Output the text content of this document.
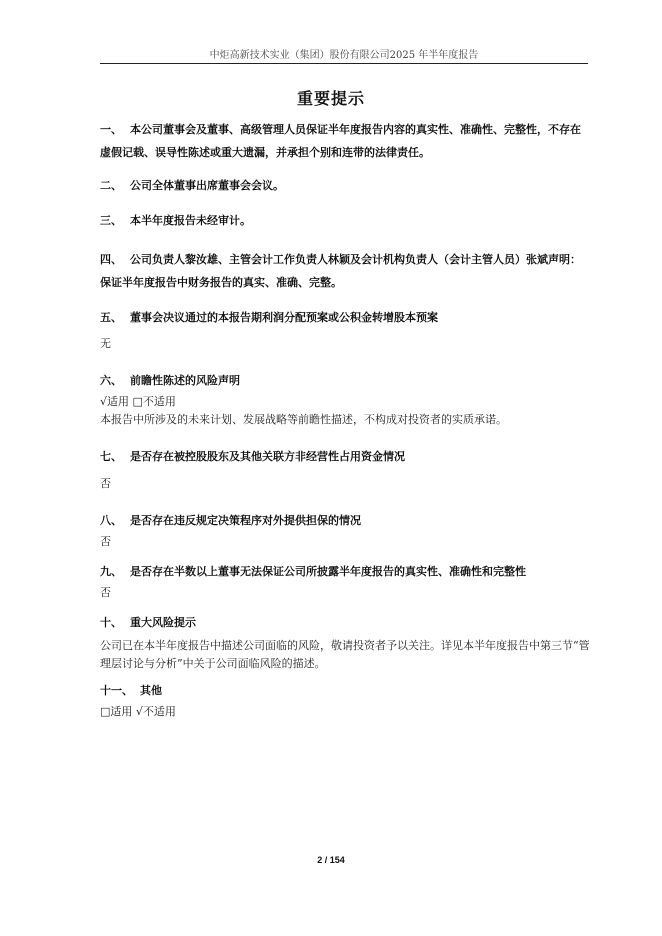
中炬高新技术实业（集团）股份有限公司2025 年半年度报告
重要提示
一、 本公司董事会及董事、高级管理人员保证半年度报告内容的真实性、准确性、完整性，不存在虚假记载、误导性陈述或重大遗漏，并承担个别和连带的法律责任。
二、 公司全体董事出席董事会会议。
三、 本半年度报告未经审计。
四、 公司负责人黎汝雄、主管会计工作负责人林颖及会计机构负责人（会计主管人员）张斌声明：保证半年度报告中财务报告的真实、准确、完整。
五、 董事会决议通过的本报告期利润分配预案或公积金转增股本预案
无
六、 前瞻性陈述的风险声明
√适用 □不适用
本报告中所涉及的未来计划、发展战略等前瞻性描述，不构成对投资者的实质承诺。
七、 是否存在被控股股东及其他关联方非经营性占用资金情况
否
八、 是否存在违反规定决策程序对外提供担保的情况
否
九、 是否存在半数以上董事无法保证公司所披露半年度报告的真实性、准确性和完整性
否
十、 重大风险提示
公司已在本半年度报告中描述公司面临的风险，敬请投资者予以关注。详见本半年度报告中第三节“管理层讨论与分析”中关于公司面临风险的描述。
十一、 其他
□适用 √不适用
2 / 154
